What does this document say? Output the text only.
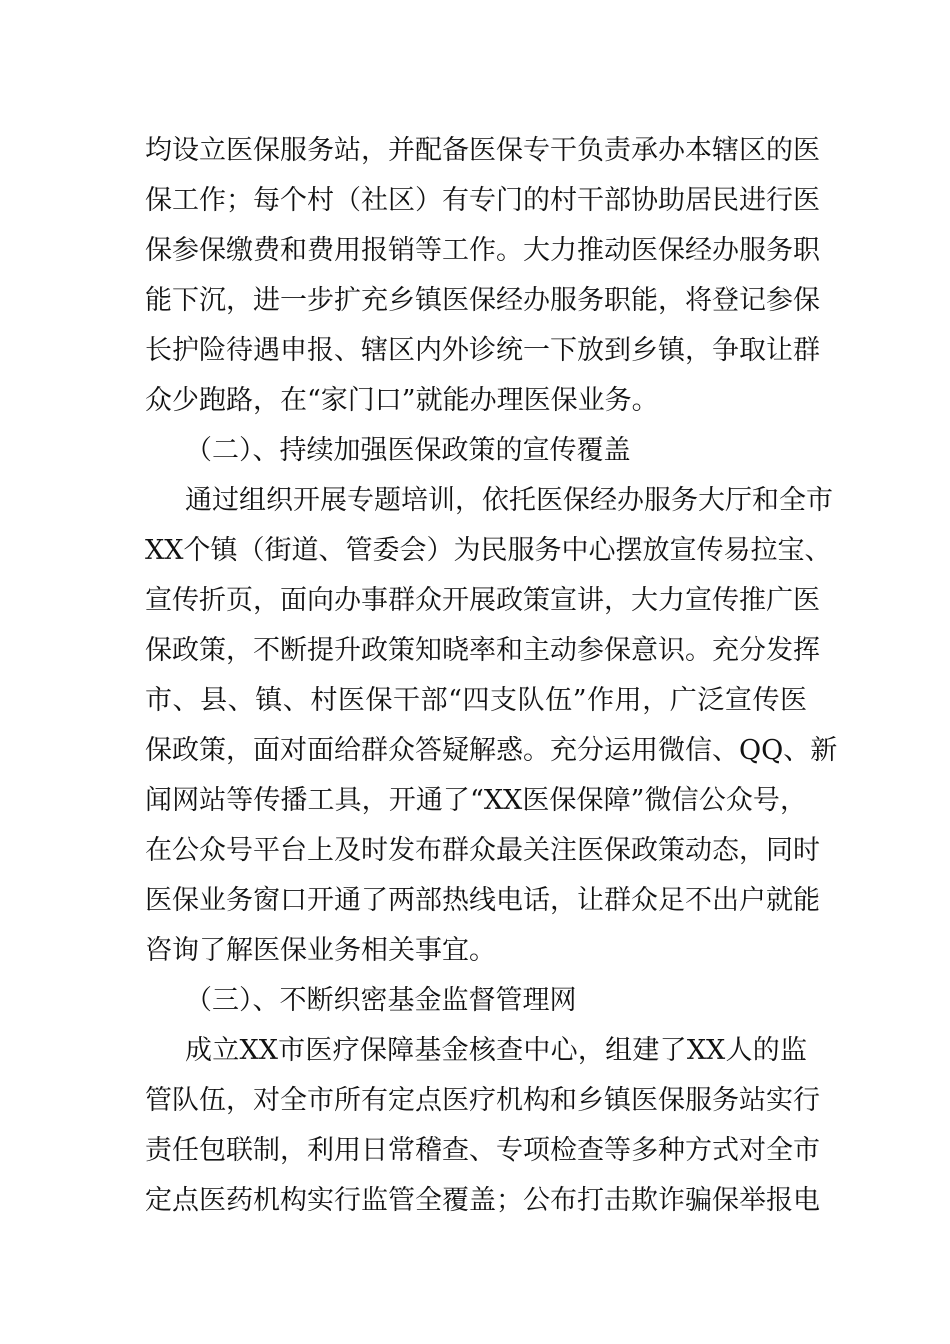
均设立医保服务站，并配备医保专干负责承办本辖区的医
保工作；每个村（社区）有专门的村干部协助居民进行医
保参保缴费和费用报销等工作。大力推动医保经办服务职
能下沉，进一步扩充乡镇医保经办服务职能，将登记参保
长护险待遇申报、辖区内外诊统一下放到乡镇，争取让群
众少跑路，在“家门口”就能办理医保业务。
（二）、持续加强医保政策的宣传覆盖
通过组织开展专题培训，依托医保经办服务大厅和全市
XX个镇（街道、管委会）为民服务中心摆放宣传易拉宝、
宣传折页，面向办事群众开展政策宣讲，大力宣传推广医
保政策，不断提升政策知晓率和主动参保意识。充分发挥
市、县、镇、村医保干部“四支队伍”作用，广泛宣传医
保政策，面对面给群众答疑解惑。充分运用微信、QQ、新
闻网站等传播工具，开通了“XX医保保障”微信公众号，
在公众号平台上及时发布群众最关注医保政策动态，同时
医保业务窗口开通了两部热线电话，让群众足不出户就能
咨询了解医保业务相关事宜。
（三）、不断织密基金监督管理网
成立XX市医疗保障基金核查中心，组建了XX人的监
管队伍，对全市所有定点医疗机构和乡镇医保服务站实行
责任包联制，利用日常稽查、专项检查等多种方式对全市
定点医药机构实行监管全覆盖；公布打击欺诈骗保举报电
